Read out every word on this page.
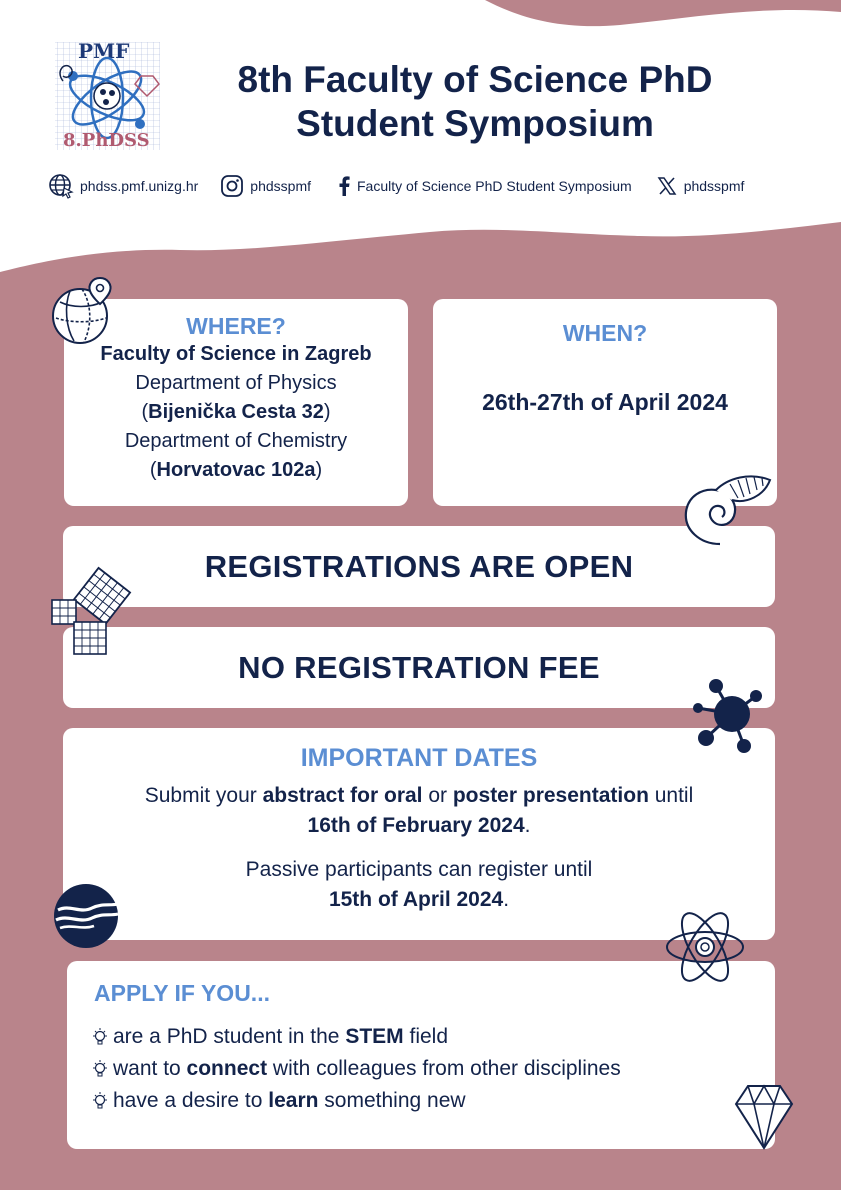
PMF
8.PhDSS
8th Faculty of Science PhD
Student Symposium
phdss.pmf.unizg.hr	phdsspmf	Faculty of Science PhD Student Symposium	phdsspmf
WHERE?
Faculty of Science in Zagreb
Department of Physics
(Bijenička Cesta 32)
Department of Chemistry
(Horvatovac 102a)
WHEN?
26th-27th of April 2024
REGISTRATIONS ARE OPEN
NO REGISTRATION FEE
IMPORTANT DATES
Submit your abstract for oral or poster presentation until
16th of February 2024.
Passive participants can register until
15th of April 2024.
APPLY IF YOU...
are a PhD student in the STEM field
want to connect with colleagues from other disciplines
have a desire to learn something new
